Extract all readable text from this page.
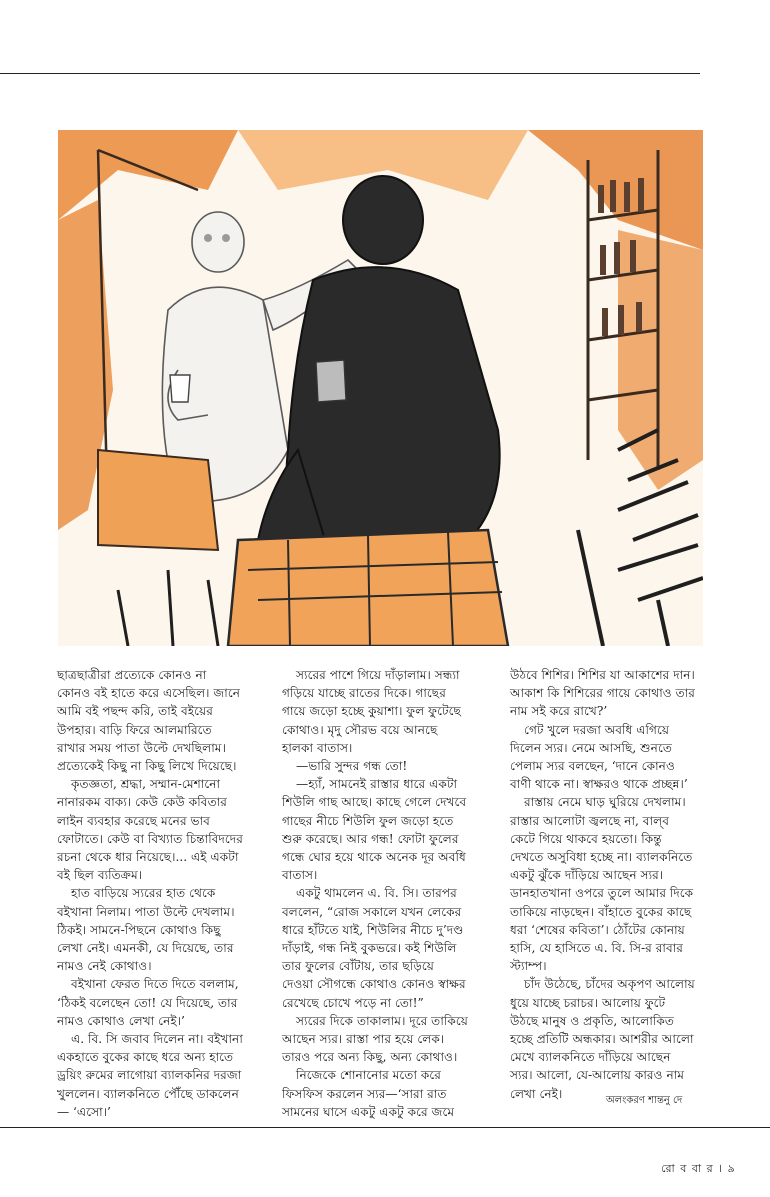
ছাত্রছাত্রীরা প্রত্যেকে কোনও না কোনও বই হাতে করে এসেছিল। জানে আমি বই পছন্দ করি, তাই বইয়ের উপহার। বাড়ি ফিরে আলমারিতে রাখার সময় পাতা উল্টে দেখছিলাম। প্রত্যেকেই কিছু না কিছু লিখে দিয়েছে।

কৃতজ্ঞতা, শ্রদ্ধা, সম্মান-মেশানো নানারকম বাক্য। কেউ কেউ কবিতার লাইন ব্যবহার করেছে মনের ভাব ফোটাতে। কেউ বা বিখ্যাত চিন্তাবিদদের রচনা থেকে ধার নিয়েছে।... এই একটা বই ছিল ব্যতিক্রম।

হাত বাড়িয়ে স্যরের হাত থেকে বইখানা নিলাম। পাতা উল্টে দেখলাম। ঠিকই। সামনে-পিছনে কোথাও কিছু লেখা নেই। এমনকী, যে দিয়েছে, তার নামও নেই কোথাও।

বইখানা ফেরত দিতে দিতে বললাম, ‘ঠিকই বলেছেন তো! যে দিয়েছে, তার নামও কোথাও লেখা নেই।’

এ. বি. সি জবাব দিলেন না। বইখানা একহাতে বুকের কাছে ধরে অন্য হাতে ড্রয়িং রুমের লাগোয়া ব্যালকনির দরজা খুললেন। ব্যালকনিতে পৌঁছে ডাকলেন— ‘এসো।’

স্যরের পাশে গিয়ে দাঁড়ালাম। সন্ধ্যা গড়িয়ে যাচ্ছে রাতের দিকে। গাছের গায়ে জড়ো হচ্ছে কুয়াশা। ফুল ফুটেছে কোথাও। মৃদু সৌরভ বয়ে আনছে হালকা বাতাস।

—ভারি সুন্দর গন্ধ তো!

—হ্যাঁ, সামনেই রাস্তার ধারে একটা শিউলি গাছ আছে। কাছে গেলে দেখবে গাছের নীচে শিউলি ফুল জড়ো হতে শুরু করেছে। আর গন্ধ! ফোটা ফুলের গন্ধে ঘোর হয়ে থাকে অনেক দূর অবধি বাতাস।

একটু থামলেন এ. বি. সি। তারপর বললেন, “রোজ সকালে যখন লেকের ধারে হাঁটতে যাই, শিউলির নীচে দু’দণ্ড দাঁড়াই, গন্ধ নিই বুকভরে। কই শিউলি তার ফুলের বোঁটায়, তার ছড়িয়ে দেওয়া সৌগন্ধে কোথাও কোনও স্বাক্ষর রেখেছে চোখে পড়ে না তো!”

স্যরের দিকে তাকালাম। দূরে তাকিয়ে আছেন স্যর। রাস্তা পার হয়ে লেক। তারও পরে অন্য কিছু, অন্য কোথাও।

নিজেকে শোনানোর মতো করে ফিসফিস করলেন স্যর—‘সারা রাত সামনের ঘাসে একটু একটু করে জমে

উঠবে শিশির। শিশির যা আকাশের দান। আকাশ কি শিশিরের গায়ে কোথাও তার নাম সই করে রাখে?’

গেট খুলে দরজা অবধি এগিয়ে দিলেন স্যর। নেমে আসছি, শুনতে পেলাম স্যর বলছেন, ‘দানে কোনও বাণী থাকে না। স্বাক্ষরও থাকে প্রচ্ছন্ন।’

রাস্তায় নেমে ঘাড় ঘুরিয়ে দেখলাম। রাস্তার আলোটা জ্বলছে না, বাল্‌ব কেটে গিয়ে থাকবে হয়তো। কিন্তু দেখতে অসুবিধা হচ্ছে না। ব্যালকনিতে একটু ঝুঁকে দাঁড়িয়ে আছেন স্যর। ডানহাতখানা ওপরে তুলে আমার দিকে তাকিয়ে নাড়ছেন। বাঁহাতে বুকের কাছে ধরা ‘শেষের কবিতা’। ঠোঁটের কোনায় হাসি, যে হাসিতে এ. বি. সি-র রাবার স্ট্যাম্প।

চাঁদ উঠেছে, চাঁদের অকৃপণ আলোয় ধুয়ে যাচ্ছে চরাচর। আলোয় ফুটে উঠছে মানুষ ও প্রকৃতি, আলোকিত হচ্ছে প্রতিটি অন্ধকার। আশরীর আলো মেখে ব্যালকনিতে দাঁড়িয়ে আছেন স্যর। আলো, যে-আলোয় কারও নাম লেখা নেই।	অলংকরণ শান্তনু দে
রো ব বা র । ৯
